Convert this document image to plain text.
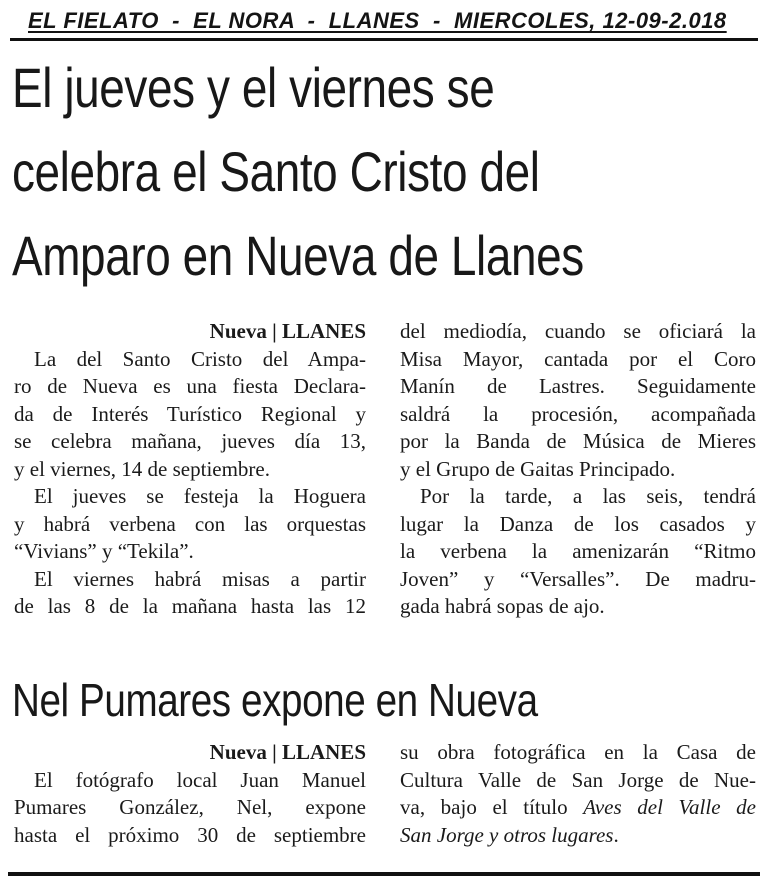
EL FIELATO  -  EL NORA  -  LLANES  -  MIERCOLES, 12-09-2.018
El jueves y el viernes se
celebra el Santo Cristo del
Amparo en Nueva de Llanes
Nueva | LLANES
La del Santo Cristo del Ampa-
ro de Nueva es una fiesta Declara-
da de Interés Turístico Regional y
se celebra mañana, jueves día 13,
y el viernes, 14 de septiembre.
El jueves se festeja la Hoguera
y habrá verbena con las orquestas
“Vivians” y “Tekila”.
El viernes habrá misas a partir
de las 8 de la mañana hasta las 12
del mediodía, cuando se oficiará la
Misa Mayor, cantada por el Coro
Manín de Lastres. Seguidamente
saldrá la procesión, acompañada
por la Banda de Música de Mieres
y el Grupo de Gaitas Principado.
Por la tarde, a las seis, tendrá
lugar la Danza de los casados y
la verbena la amenizarán “Ritmo
Joven” y “Versalles”. De madru-
gada habrá sopas de ajo.
Nel Pumares expone en Nueva
Nueva | LLANES
El fotógrafo local Juan Manuel
Pumares González, Nel, expone
hasta el próximo 30 de septiembre
su obra fotográfica en la Casa de
Cultura Valle de San Jorge de Nue-
va, bajo el título Aves del Valle de
San Jorge y otros lugares.
